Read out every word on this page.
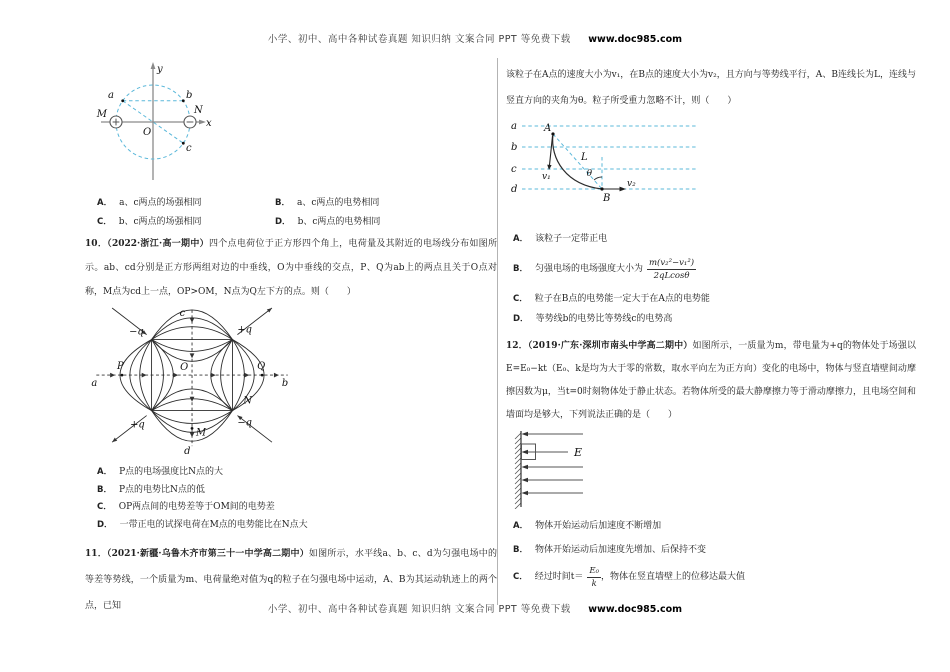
小学、初中、高中各种试卷真题 知识归纳 文案合同 PPT 等免费下载 www.doc985.com
y
x
O
a	b
c
M	N
A． a、c两点的场强相同	B． a、c两点的电势相同
C． b、c两点的场强相同	D． b、c两点的电势相同

10．（2022·浙江·高一期中）四个点电荷位于正方形四个角上，电荷量及其附近的电场线分布如图所示。ab、cd分别是正方形两组对边的中垂线，O为中垂线的交点，P、Q为ab上的两点且关于O点对称，M点为cd上一点，OP>OM，N点为Q左下方的点。则（　　）

c
d
a	b
P	O	Q
M
N
−q	+q
+q	−q
A． P点的电场强度比N点的大
B． P点的电势比N点的低
C． OP两点间的电势差等于OM间的电势差
D． 一带正电的试探电荷在M点的电势能比在N点大

11．（2021·新疆·乌鲁木齐市第三十一中学高二期中）如图所示，水平线a、b、c、d为匀强电场中的等差等势线，一个质量为m、电荷量绝对值为q的粒子在匀强电场中运动，A、B为其运动轨迹上的两个点，已知

该粒子在A点的速度大小为v₁，在B点的速度大小为v₂，且方向与等势线平行，A、B连线长为L，连线与竖直方向的夹角为θ。粒子所受重力忽略不计，则（　　）

a
b
c
d
A
B
L
θ
v₁
v₂
A． 该粒子一定带正电
B． 匀强电场的电场强度大小为 $\frac{\text{m(v₂²−v₁²)}}{2qLcos\theta}$
C． 粒子在B点的电势能一定大于在A点的电势能
D． 等势线b的电势比等势线c的电势高

12．（2019·广东·深圳市南头中学高二期中）如图所示，一质量为m，带电量为+q的物体处于场强以E=E₀−kt（E₀、k是均为大于零的常数，取水平向左为正方向）变化的电场中，物体与竖直墙壁间动摩擦因数为μ，当t=0时刻物体处于静止状态。若物体所受的最大静摩擦力等于滑动摩擦力，且电场空间和墙面均是够大，下列说法正确的是（　　）

E
A． 物体开始运动后加速度不断增加
B． 物体开始运动后加速度先增加、后保持不变
C． 经过时间$t= \frac{\text{E₀}}{k}$ ，物体在竖直墙壁上的位移达最大值
小学、初中、高中各种试卷真题 知识归纳 文案合同 PPT 等免费下载 www.doc985.com
